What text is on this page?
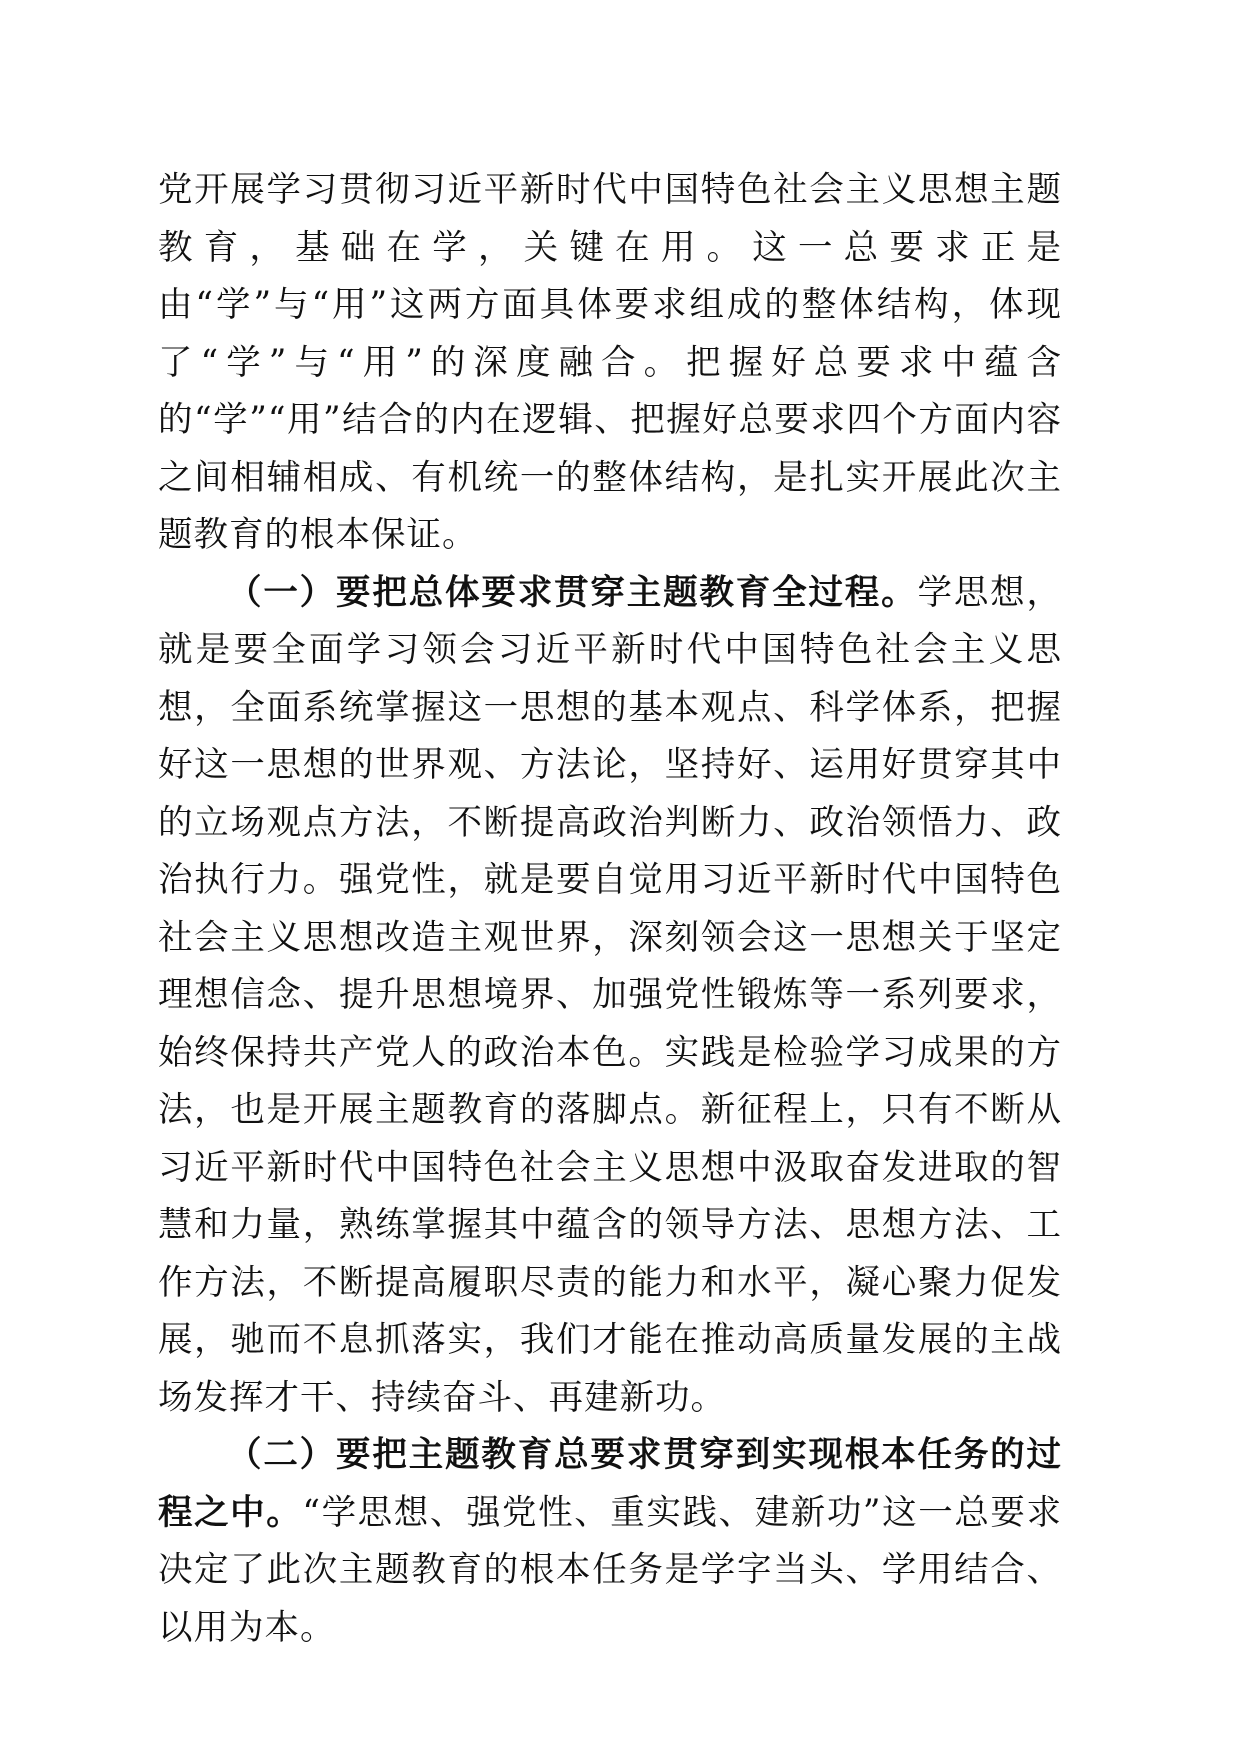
党开展学习贯彻习近平新时代中国特色社会主义思想主题教育，基础在学，关键在用。这一总要求正是由“学”与“用”这两方面具体要求组成的整体结构，体现了“学”与“用”的深度融合。把握好总要求中蕴含的“学”“用”结合的内在逻辑、把握好总要求四个方面内容之间相辅相成、有机统一的整体结构，是扎实开展此次主题教育的根本保证。

（一）要把总体要求贯穿主题教育全过程。学思想，就是要全面学习领会习近平新时代中国特色社会主义思想，全面系统掌握这一思想的基本观点、科学体系，把握好这一思想的世界观、方法论，坚持好、运用好贯穿其中的立场观点方法，不断提高政治判断力、政治领悟力、政治执行力。强党性，就是要自觉用习近平新时代中国特色社会主义思想改造主观世界，深刻领会这一思想关于坚定理想信念、提升思想境界、加强党性锻炼等一系列要求，始终保持共产党人的政治本色。实践是检验学习成果的方法，也是开展主题教育的落脚点。新征程上，只有不断从习近平新时代中国特色社会主义思想中汲取奋发进取的智慧和力量，熟练掌握其中蕴含的领导方法、思想方法、工作方法，不断提高履职尽责的能力和水平，凝心聚力促发展，驰而不息抓落实，我们才能在推动高质量发展的主战场发挥才干、持续奋斗、再建新功。

（二）要把主题教育总要求贯穿到实现根本任务的过程之中。“学思想、强党性、重实践、建新功”这一总要求决定了此次主题教育的根本任务是学字当头、学用结合、以用为本。
